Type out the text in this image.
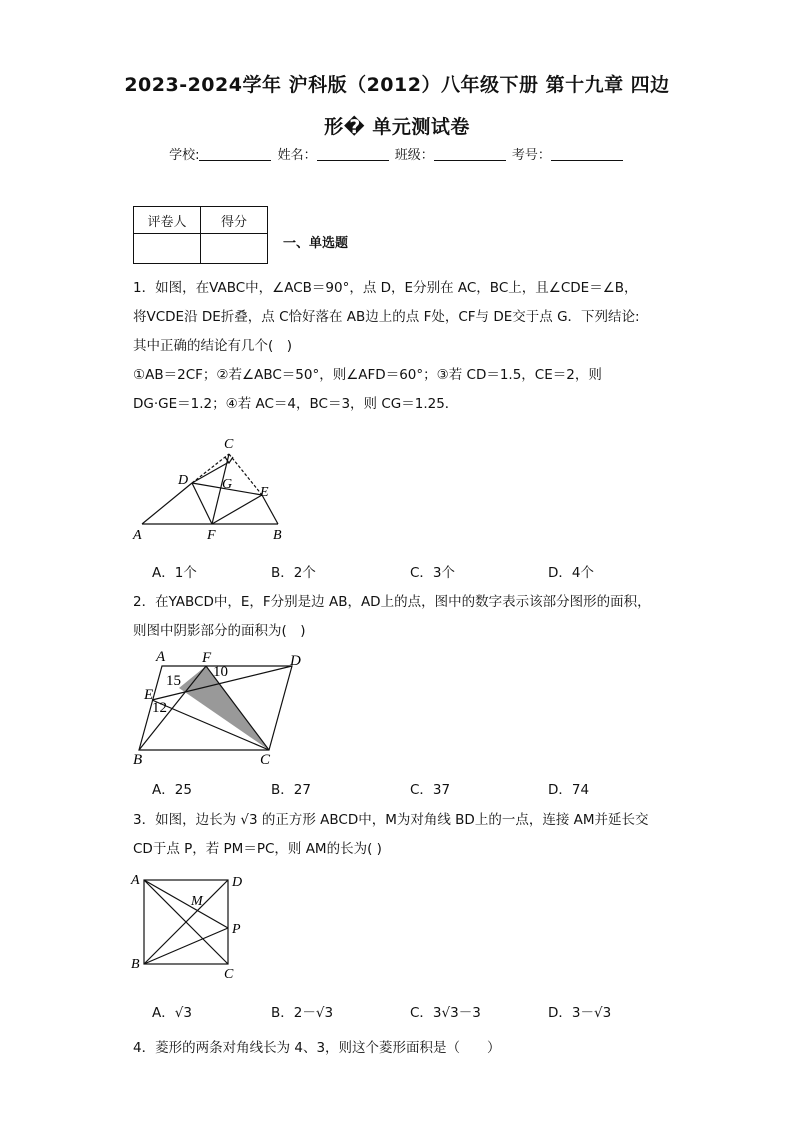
2023-2024学年 沪科版（2012）八年级下册 第十九章 四边
形� 单元测试卷
学校:	姓名：	班级：	考号：
评卷人	得分

一、单选题
1．如图，在VABC中，∠ACB＝90°，点 D，E分别在 AC，BC上，且∠CDE＝∠B，
将VCDE沿 DE折叠，点 C恰好落在 AB边上的点 F处，CF与 DE交于点 G．下列结论:
其中正确的结论有几个(　)
①AB＝2CF；②若∠ABC＝50°，则∠AFD＝60°；③若 CD＝1.5，CE＝2，则
DG·GE＝1.2；④若 AC＝4，BC＝3，则 CG＝1.25．
C
D G
E
A	F	B
A．1个	B．2个	C．3个	D．4个
2．在YABCD中，E，F分别是边 AB，AD上的点，图中的数字表示该部分图形的面积，
则图中阴影部分的面积为(　)
A F	D
E
B	C
15
10
12
A．25	B．27	C．37	D．74
3．如图，边长为 √3 的正方形 ABCD中，M为对角线 BD上的一点，连接 AM并延长交
CD于点 P，若 PM＝PC，则 AM的长为( )
A	D
M
P
B
C
A．√3	B．2－√3	C．3√3－3	D．3－√3
4．菱形的两条对角线长为 4、3，则这个菱形面积是（　　）
